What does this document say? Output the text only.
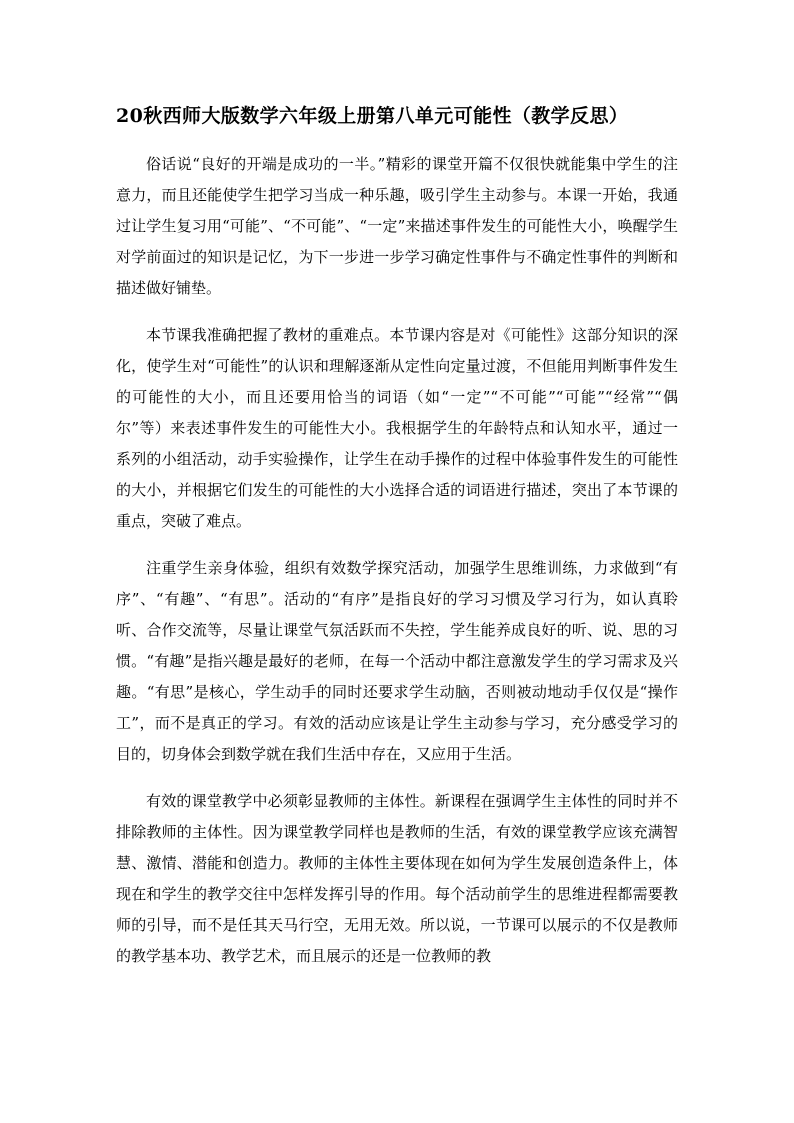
20秋西师大版数学六年级上册第八单元可能性（教学反思）

俗话说“良好的开端是成功的一半。”精彩的课堂开篇不仅很快就能集中学生的注意力，而且还能使学生把学习当成一种乐趣，吸引学生主动参与。本课一开始，我通过让学生复习用“可能”、“不可能”、“一定”来描述事件发生的可能性大小，唤醒学生对学前面过的知识是记忆，为下一步进一步学习确定性事件与不确定性事件的判断和描述做好铺垫。

本节课我准确把握了教材的重难点。本节课内容是对《可能性》这部分知识的深化，使学生对“可能性”的认识和理解逐渐从定性向定量过渡，不但能用判断事件发生的可能性的大小，而且还要用恰当的词语（如“一定”“不可能”“可能”“经常”“偶尔”等）来表述事件发生的可能性大小。我根据学生的年龄特点和认知水平，通过一系列的小组活动，动手实验操作，让学生在动手操作的过程中体验事件发生的可能性的大小，并根据它们发生的可能性的大小选择合适的词语进行描述，突出了本节课的重点，突破了难点。

注重学生亲身体验，组织有效数学探究活动，加强学生思维训练，力求做到“有序”、“有趣”、“有思”。活动的“有序”是指良好的学习习惯及学习行为，如认真聆听、合作交流等，尽量让课堂气氛活跃而不失控，学生能养成良好的听、说、思的习惯。“有趣”是指兴趣是最好的老师，在每一个活动中都注意激发学生的学习需求及兴趣。“有思”是核心，学生动手的同时还要求学生动脑，否则被动地动手仅仅是“操作工”，而不是真正的学习。有效的活动应该是让学生主动参与学习，充分感受学习的目的，切身体会到数学就在我们生活中存在，又应用于生活。

有效的课堂教学中必须彰显教师的主体性。新课程在强调学生主体性的同时并不排除教师的主体性。因为课堂教学同样也是教师的生活，有效的课堂教学应该充满智慧、激情、潜能和创造力。教师的主体性主要体现在如何为学生发展创造条件上，体现在和学生的教学交往中怎样发挥引导的作用。每个活动前学生的思维进程都需要教师的引导，而不是任其天马行空，无用无效。所以说，一节课可以展示的不仅是教师的教学基本功、教学艺术，而且展示的还是一位教师的教
